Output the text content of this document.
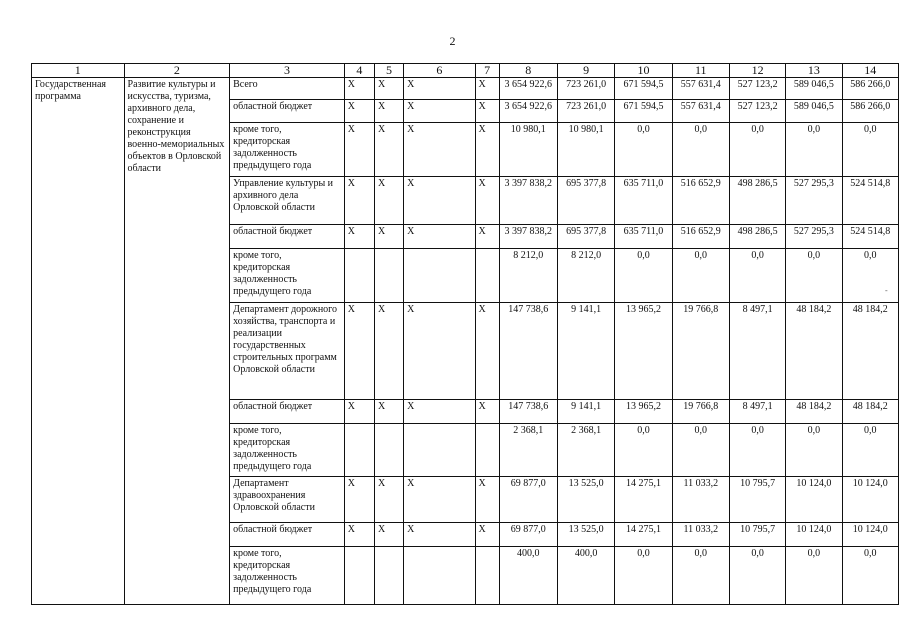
2
1	2	3	4	5	6	7	8	9	10	11	12	13	14
Государственная программа	Развитие культуры и искусства, туризма, архивного дела, сохранение и реконструкция военно-мемориальных объектов в Орловской области	Всего	Х	Х	Х	Х	3 654 922,6	723 261,0	671 594,5	557 631,4	527 123,2	589 046,5	586 266,0
		областной бюджет	Х	Х	Х	Х	3 654 922,6	723 261,0	671 594,5	557 631,4	527 123,2	589 046,5	586 266,0
		кроме того, кредиторская задолженность предыдущего года	Х	Х	Х	Х	10 980,1	10 980,1	0,0	0,0	0,0	0,0	0,0
		Управление культуры и архивного дела Орловской области	Х	Х	Х	Х	3 397 838,2	695 377,8	635 711,0	516 652,9	498 286,5	527 295,3	524 514,8
		областной бюджет	Х	Х	Х	Х	3 397 838,2	695 377,8	635 711,0	516 652,9	498 286,5	527 295,3	524 514,8
		кроме того, кредиторская задолженность предыдущего года					8 212,0	8 212,0	0,0	0,0	0,0	0,0	0,0
		Департамент дорожного хозяйства, транспорта и реализации государственных строительных программ Орловской области	Х	Х	Х	Х	147 738,6	9 141,1	13 965,2	19 766,8	8 497,1	48 184,2	48 184,2
		областной бюджет	Х	Х	Х	Х	147 738,6	9 141,1	13 965,2	19 766,8	8 497,1	48 184,2	48 184,2
		кроме того, кредиторская задолженность предыдущего года					2 368,1	2 368,1	0,0	0,0	0,0	0,0	0,0
		Департамент здравоохранения Орловской области	Х	Х	Х	Х	69 877,0	13 525,0	14 275,1	11 033,2	10 795,7	10 124,0	10 124,0
		областной бюджет	Х	Х	Х	Х	69 877,0	13 525,0	14 275,1	11 033,2	10 795,7	10 124,0	10 124,0
		кроме того, кредиторская задолженность предыдущего года					400,0	400,0	0,0	0,0	0,0	0,0	0,0
-
